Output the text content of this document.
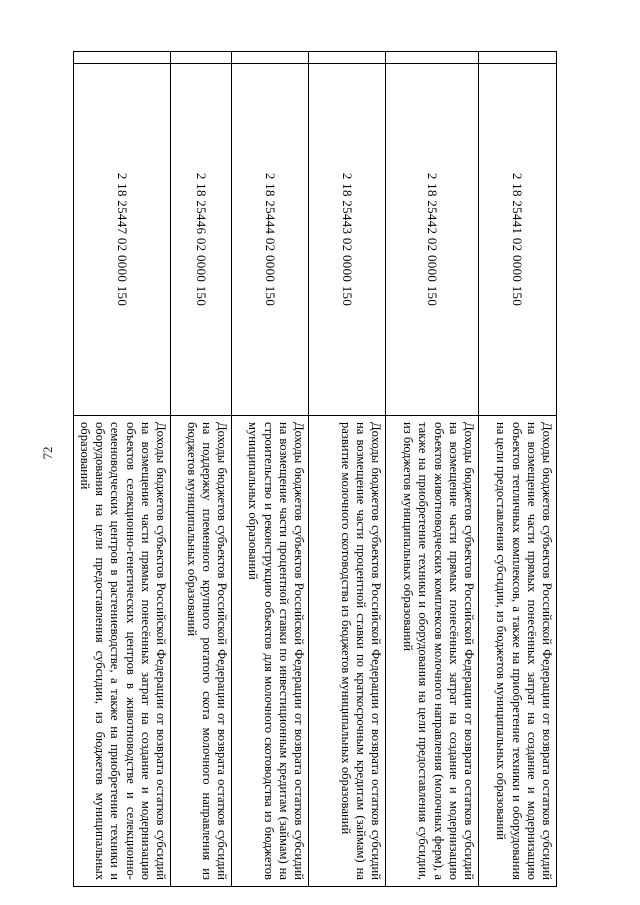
72
2 18 25441 02 0000 150
Доходы бюджетов субъектов Российской Федерации от возврата остатков субсидий на возмещение части прямых понесённых затрат на создание и модернизацию объектов тепличных комплексов, а также на приобретение техники и оборудования на цели предоставления субсидии, из бюджетов муниципальных образований
2 18 25442 02 0000 150
Доходы бюджетов субъектов Российской Федерации от возврата остатков субсидий на возмещение части прямых понесённых затрат на создание и модернизацию объектов животноводческих комплексов молочного направления (молочных ферм), а также на приобретение техники и оборудования на цели предоставления субсидии, из бюджетов муниципальных образований
2 18 25443 02 0000 150
Доходы бюджетов субъектов Российской Федерации от возврата остатков субсидий на возмещение части процентной ставки по краткосрочным кредитам (займам) на развитие молочного скотоводства из бюджетов муниципальных образований
2 18 25444 02 0000 150
Доходы бюджетов субъектов Российской Федерации от возврата остатков субсидий на возмещение части процентной ставки по инвестиционным кредитам (займам) на строительство и реконструкцию объектов для молочного скотоводства из бюджетов муниципальных образований
2 18 25446 02 0000 150
Доходы бюджетов субъектов Российской Федерации от возврата остатков субсидий на поддержку племенного крупного рогатого скота молочного направления из бюджетов муниципальных образований
2 18 25447 02 0000 150
Доходы бюджетов субъектов Российской Федерации от возврата остатков субсидий на возмещение части прямых понесённых затрат на создание и модернизацию объектов селекционно-генетических центров в животноводстве и селекционно-семеноводческих центров в растениеводстве, а также на приобретение техники и оборудования на цели предоставления субсидии, из бюджетов муниципальных образований
